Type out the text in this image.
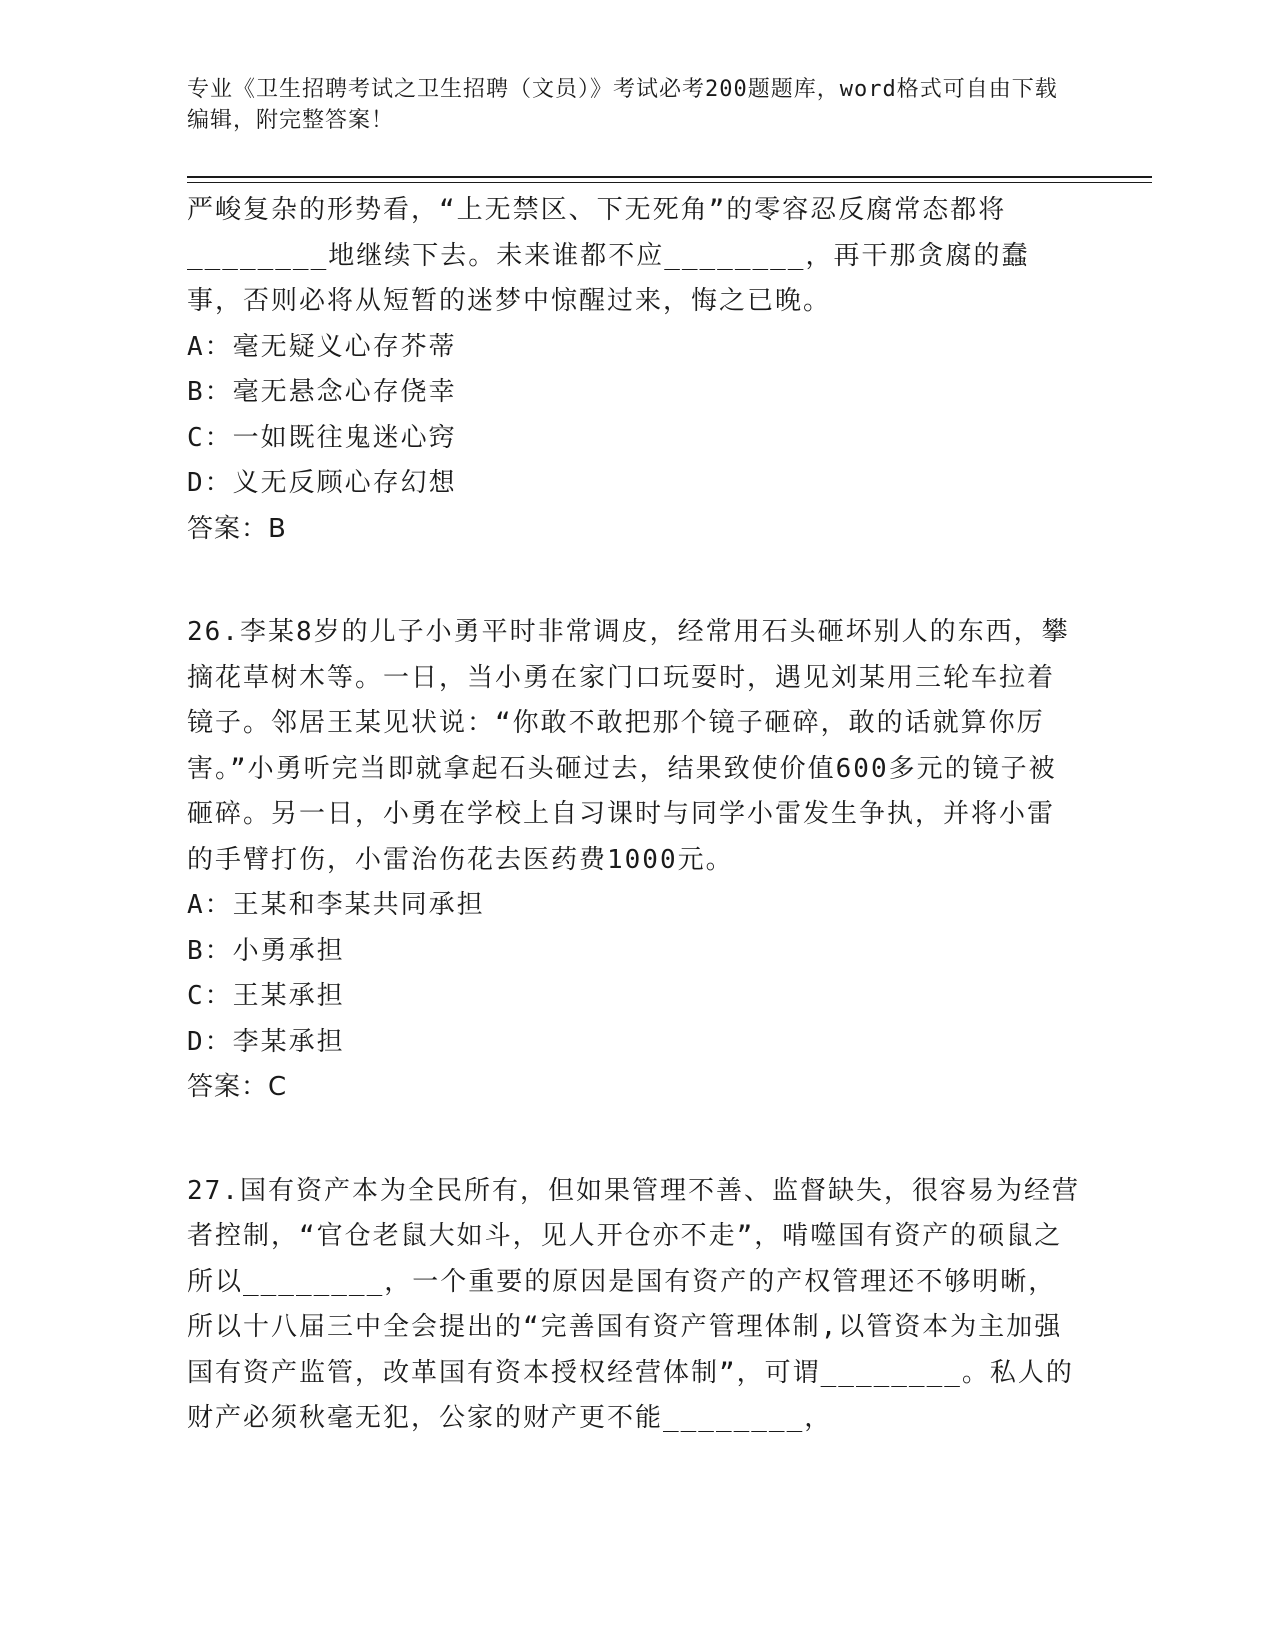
专业《卫生招聘考试之卫生招聘（文员）》考试必考200题题库，word格式可自由下载编辑，附完整答案！

严峻复杂的形势看，“上无禁区、下无死角”的零容忍反腐常态都将________地继续下去。未来谁都不应________，再干那贪腐的蠢事，否则必将从短暂的迷梦中惊醒过来，悔之已晚。

A：毫无疑义心存芥蒂

B：毫无悬念心存侥幸

C：一如既往鬼迷心窍

D：义无反顾心存幻想

答案：B

26.李某8岁的儿子小勇平时非常调皮，经常用石头砸坏别人的东西，攀摘花草树木等。一日，当小勇在家门口玩耍时，遇见刘某用三轮车拉着镜子。邻居王某见状说：“你敢不敢把那个镜子砸碎，敢的话就算你厉害。”小勇听完当即就拿起石头砸过去，结果致使价值600多元的镜子被砸碎。另一日，小勇在学校上自习课时与同学小雷发生争执，并将小雷的手臂打伤，小雷治伤花去医药费1000元。

A：王某和李某共同承担

B：小勇承担

C：王某承担

D：李某承担

答案：C

27.国有资产本为全民所有，但如果管理不善、监督缺失，很容易为经营者控制，“官仓老鼠大如斗，见人开仓亦不走”，啃噬国有资产的硕鼠之所以________，一个重要的原因是国有资产的产权管理还不够明晰，所以十八届三中全会提出的“完善国有资产管理体制,以管资本为主加强国有资产监管，改革国有资本授权经营体制”，可谓________。私人的财产必须秋毫无犯，公家的财产更不能________，
